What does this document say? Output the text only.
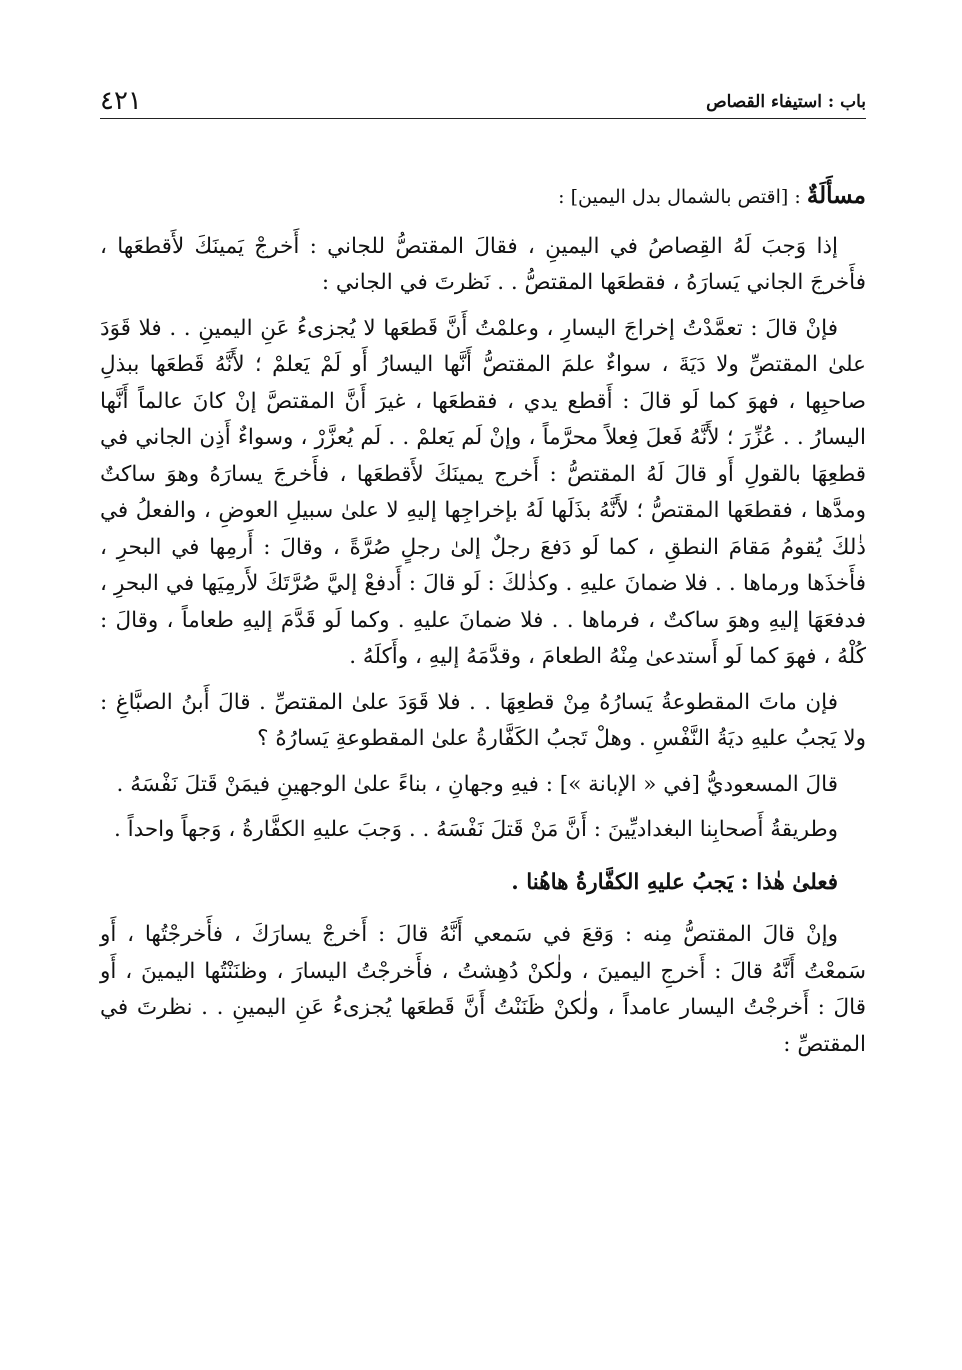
باب : استيفاء القصاص
٤٢١

مسأَلَةٌ : [اقتص بالشمال بدل اليمين] :

إذا وَجبَ لَهُ القِصاصُ في اليمينِ ، فقالَ المقتصُّ للجاني : أَخرجْ يَمينَكَ لأَقطعَها ، فأَخرجَ الجاني يَسارَهُ ، فقطعَها المقتصُّ . . نَظرتَ في الجاني :

فإنْ قالَ : تعمَّدْتُ إخراجَ اليسارِ ، وعلمْتُ أَنَّ قَطعَها لا يُجزىءُ عَنِ اليمينِ . . فلا قَوَدَ علىٰ المقتصِّ ولا دَيَةَ ، سواءٌ علمَ المقتصُّ أَنَّها اليسارُ أَو لَمْ يَعلمْ ؛ لأَنَّهُ قَطعَها ببذلِ صاحبِها ، فهوَ كما لَو قالَ : أَقطع يدي ، فقطعَها ، غيرَ أَنَّ المقتصَّ إنْ كانَ عالماً أَنَّها اليسارُ . . عُزِّرَ ؛ لأَنَّهُ فَعلَ فِعلاً محرَّماً ، وإنْ لَم يَعلمْ . . لَم يُعزَّرْ ، وسواءٌ أَذِن الجاني في قطعِهَا بالقولِ أَو قالَ لَهُ المقتصُّ : أَخرج يمينَكَ لأَقطعَها ، فأَخرجَ يسارَهُ وهوَ ساكتٌ ومدَّها ، فقطعَها المقتصُّ ؛ لأَنَّهُ بذَلَها لَهُ بإخراجِها إليهِ لا علىٰ سبيلِ العوضِ ، والفعلُ في ذٰلكَ يُقومُ مَقامَ النطقِ ، كما لَو دَفعَ رجلٌ إلىٰ رجلٍ صُرَّةً ، وقالَ : أَرمِها في البحرِ ، فأَخذَها ورماها . . فلا ضمانَ عليهِ . وكذٰلكَ : لَو قالَ : أَدفعْ إليَّ صُرَّتَكَ لأَرمِيَها في البحرِ ، فدفعَهَا إليهِ وهوَ ساكتٌ ، فرماها . . فلا ضمانَ عليهِ . وكما لَو قَدَّمَ إليهِ طعاماً ، وقالَ : كُلْهُ ، فهوَ كما لَو أَستدعىٰ مِنْهُ الطعامَ ، وقدَّمَهُ إليهِ ، وأَكلَهُ .

فإن ماتَ المقطوعةُ يَسارُهُ مِنْ قطعِهَا . . فلا قَوَدَ علىٰ المقتصِّ . قالَ أَبنُ الصبَّاغِ : ولا يَجبُ عليهِ ديَةُ النَّفْسِ . وهلْ تَجبُ الكَفَّارةُ علىٰ المقطوعةِ يَسارُهُ ؟

قالَ المسعوديُّ [في « الإبانة »] : فيهِ وجهانِ ، بناءً علىٰ الوجهينِ فيمَنْ قَتلَ نَفْسَهُ .

وطريقةُ أَصحابِنا البغداديِّينَ : أَنَّ مَنْ قَتلَ نَفْسَهُ . . وَجبَ عليهِ الكفَّارةُ ، وَجهاً واحداً .

فعلىٰ هٰذا : يَجبُ عليهِ الكفَّارةُ هاهُنا .

وإنْ قالَ المقتصُّ مِنه : وَقعَ في سَمعي أَنَّهُ قالَ : أَخرجْ يسارَكَ ، فأَخرجْتُها ، أَو سَمعْتُ أَنَّهُ قالَ : أَخرجِ اليمينَ ، ولٰكنْ دُهِشتُ ، فأَخرجْتُ اليسارَ ، وظنَنْتُها اليمينَ ، أَو قالَ : أَخرجْتُ اليسار عامداً ، ولٰكنْ ظَنَنْتُ أَنَّ قَطعَها يُجزىءُ عَنِ اليمينِ . . نظرتَ في المقتصِّ :
